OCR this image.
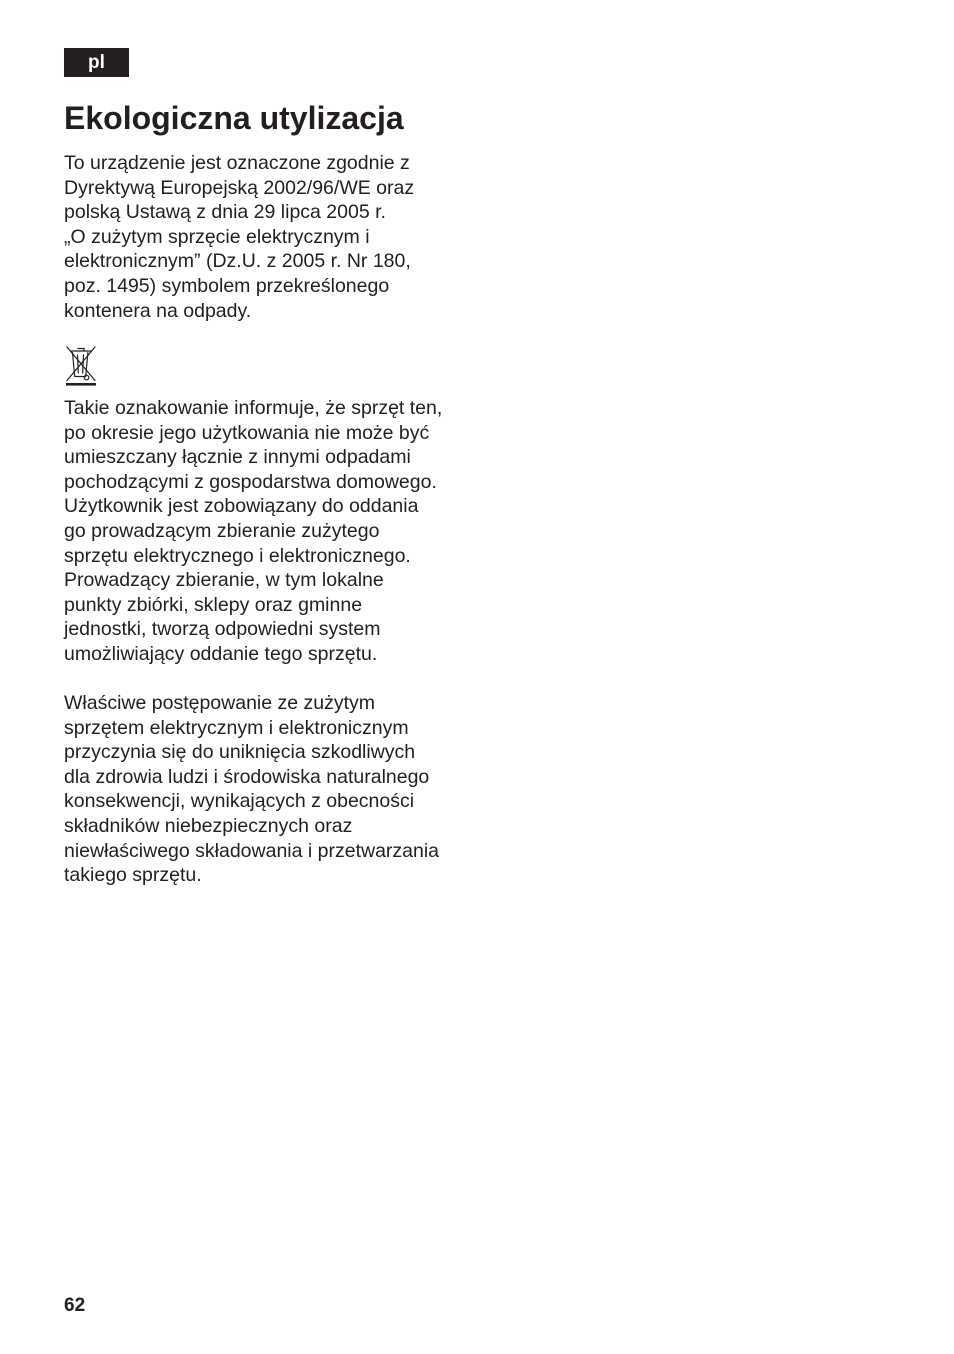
pl
Ekologiczna utylizacja

To urządzenie jest oznaczone zgodnie z
Dyrektywą Europejską 2002/96/WE oraz
polską Ustawą z dnia 29 lipca 2005 r.
„O zużytym sprzęcie elektrycznym i
elektronicznym” (Dz.U. z 2005 r. Nr 180,
poz. 1495) symbolem przekreślonego
kontenera na odpady.

Takie oznakowanie informuje, że sprzęt ten,
po okresie jego użytkowania nie może być
umieszczany łącznie z innymi odpadami
pochodzącymi z gospodarstwa domowego.
Użytkownik jest zobowiązany do oddania
go prowadzącym zbieranie zużytego
sprzętu elektrycznego i elektronicznego.
Prowadzący zbieranie, w tym lokalne
punkty zbiórki, sklepy oraz gminne
jednostki, tworzą odpowiedni system
umożliwiający oddanie tego sprzętu.

Właściwe postępowanie ze zużytym
sprzętem elektrycznym i elektronicznym
przyczynia się do uniknięcia szkodliwych
dla zdrowia ludzi i środowiska naturalnego
konsekwencji, wynikających z obecności
składników niebezpiecznych oraz
niewłaściwego składowania i przetwarzania
takiego sprzętu.

62
